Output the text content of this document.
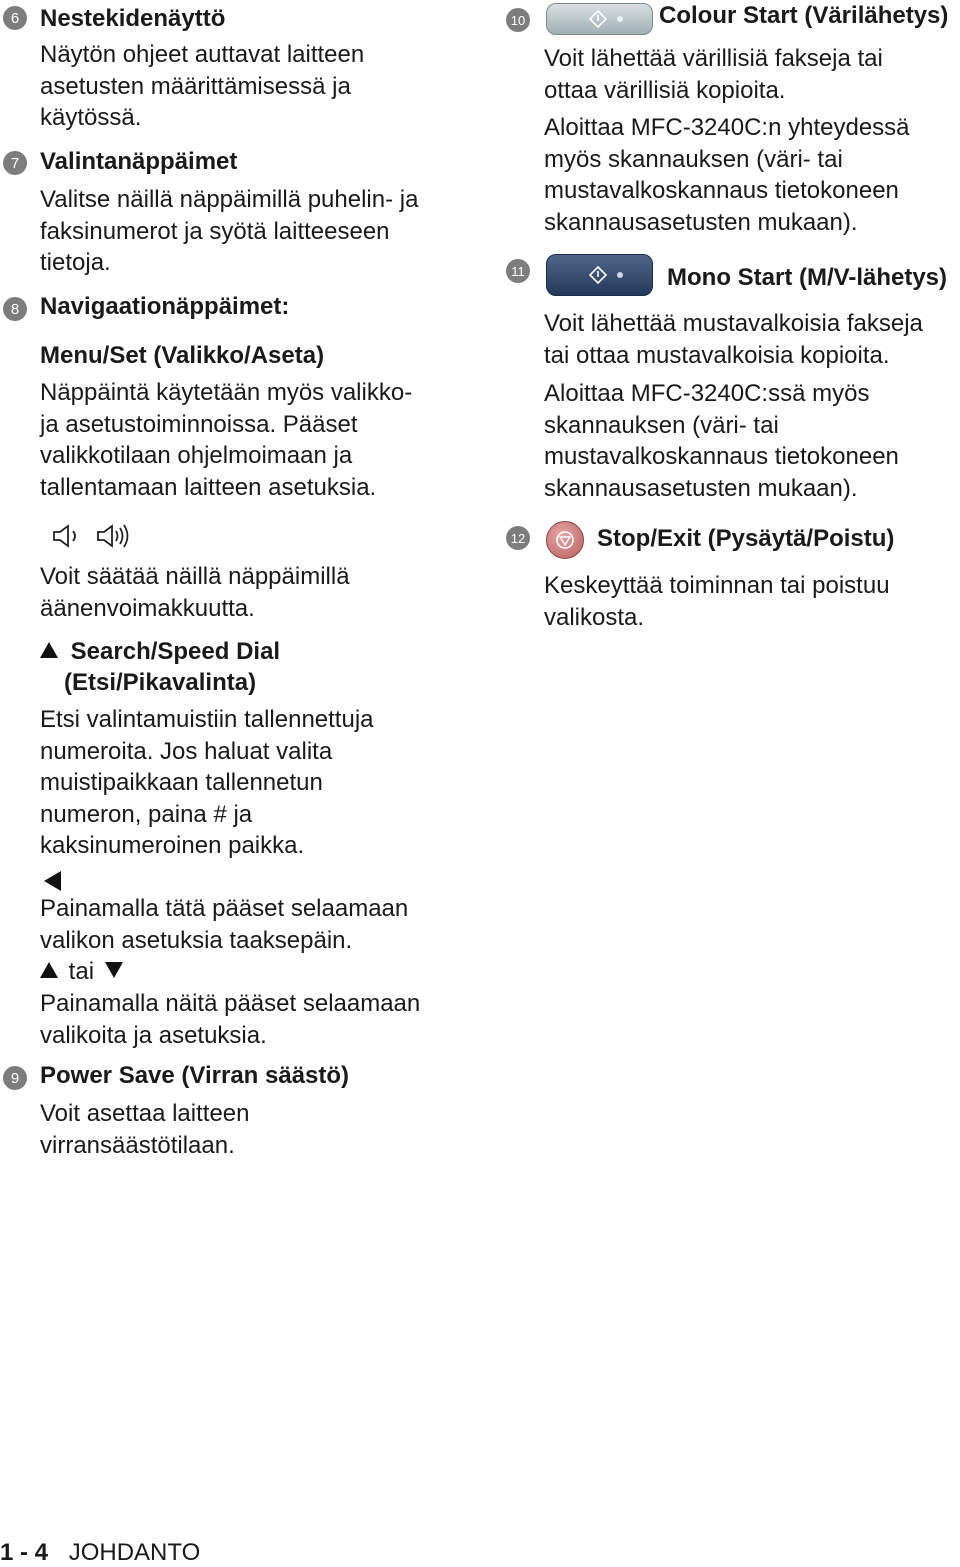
6 Nestekidenäyttö
Näytön ohjeet auttavat laitteen
asetusten määrittämisessä ja
käytössä.
7 Valintanäppäimet
Valitse näillä näppäimillä puhelin- ja
faksinumerot ja syötä laitteeseen
tietoja.
8 Navigaationäppäimet:
Menu/Set (Valikko/Aseta)
Näppäintä käytetään myös valikko-
ja asetustoiminnoissa. Pääset
valikkotilaan ohjelmoimaan ja
tallentamaan laitteen asetuksia.
Voit säätää näillä näppäimillä
äänenvoimakkuutta.
Search/Speed Dial
(Etsi/Pikavalinta)
Etsi valintamuistiin tallennettuja
numeroita. Jos haluat valita
muistipaikkaan tallennetun
numeron, paina # ja
kaksinumeroinen paikka.
Painamalla tätä pääset selaamaan
valikon asetuksia taaksepäin.
tai
Painamalla näitä pääset selaamaan
valikoita ja asetuksia.
9 Power Save (Virran säästö)
Voit asettaa laitteen
virransäästötilaan.
10	Colour Start (Värilähetys)
Voit lähettää värillisiä fakseja tai
ottaa värillisiä kopioita.
Aloittaa MFC-3240C:n yhteydessä
myös skannauksen (väri- tai
mustavalkoskannaus tietokoneen
skannausasetusten mukaan).
11	Mono Start (M/V-lähetys)
Voit lähettää mustavalkoisia fakseja
tai ottaa mustavalkoisia kopioita.
Aloittaa MFC-3240C:ssä myös
skannauksen (väri- tai
mustavalkoskannaus tietokoneen
skannausasetusten mukaan).
12	Stop/Exit (Pysäytä/Poistu)
Keskeyttää toiminnan tai poistuu
valikosta.
1 - 4 JOHDANTO
